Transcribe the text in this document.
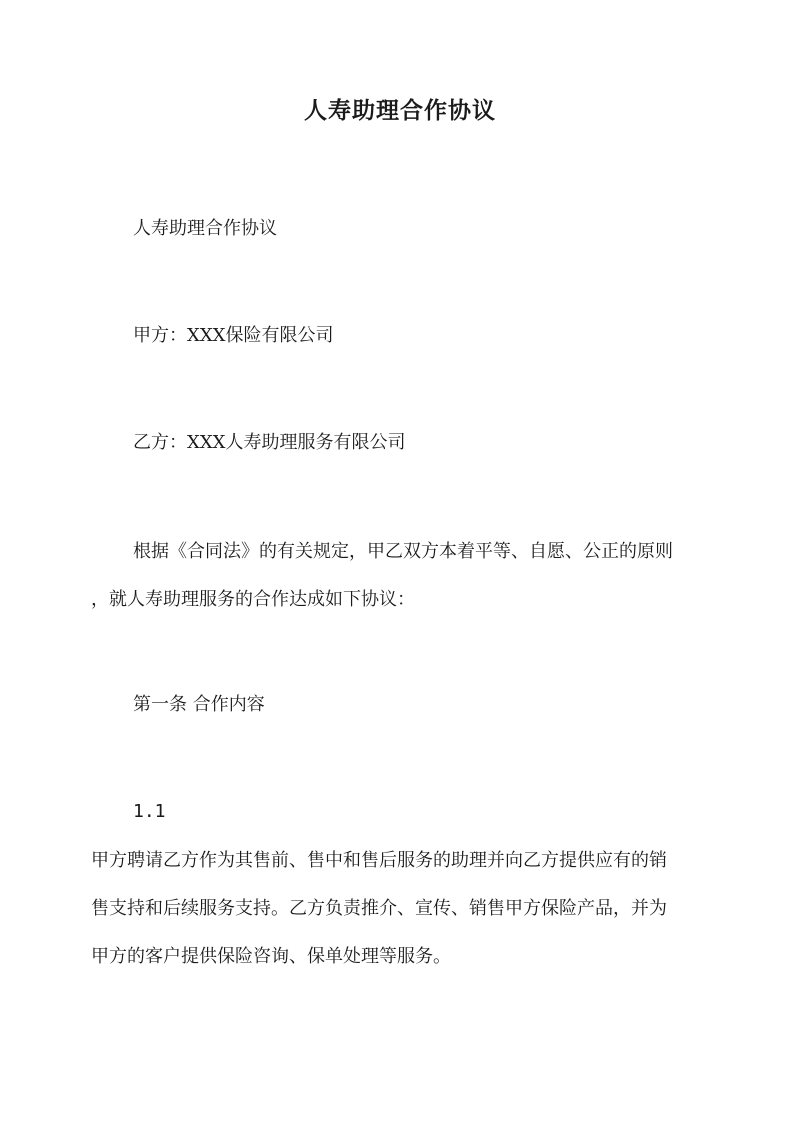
人寿助理合作协议
人寿助理合作协议
甲方：XXX保险有限公司
乙方：XXX人寿助理服务有限公司
根据《合同法》的有关规定，甲乙双方本着平等、自愿、公正的原则
，就人寿助理服务的合作达成如下协议：
第一条 合作内容
1.1
甲方聘请乙方作为其售前、售中和售后服务的助理并向乙方提供应有的销
售支持和后续服务支持。乙方负责推介、宣传、销售甲方保险产品，并为
甲方的客户提供保险咨询、保单处理等服务。
